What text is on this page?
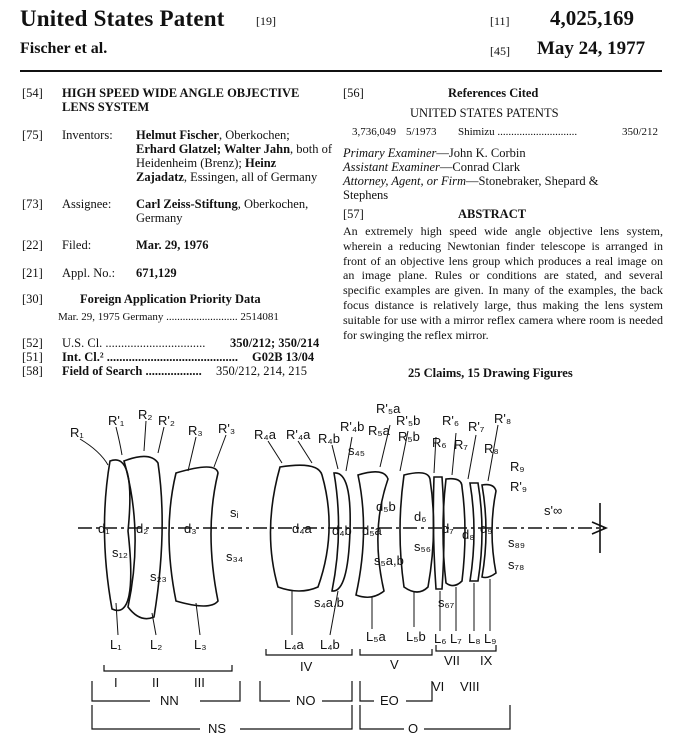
United States Patent	[19]
Fischer et al.
[11] 4,025,169
[45] May 24, 1977
[54] HIGH SPEED WIDE ANGLE OBJECTIVE
LENS SYSTEM
[75] Inventors: Helmut Fischer, Oberkochen;
Erhard Glatzel; Walter Jahn, both of
Heidenheim (Brenz); Heinz
Zajadatz, Essingen, all of Germany
[73] Assignee: Carl Zeiss-Stiftung, Oberkochen,
Germany
[22] Filed:	Mar. 29, 1976
[21] Appl. No.: 671,129
[30]	Foreign Application Priority Data
Mar. 29, 1975 Germany .......................... 2514081
[52] U.S. Cl. ................................ 350/212; 350/214
[51] Int. Cl.² .......................................... G02B 13/04
[58] Field of Search .................. 350/212, 214, 215
[56]	References Cited
UNITED STATES PATENTS
3,736,049 5/1973 Shimizu .............................	350/212
Primary Examiner—John K. Corbin
Assistant Examiner—Conrad Clark
Attorney, Agent, or Firm—Stonebraker, Shepard &
Stephens
[57]	ABSTRACT
An extremely high speed wide angle objective lens system, wherein a reducing Newtonian finder telescope is arranged in front of an objective lens group which produces a real image on an image plane. Rules or conditions are stated, and several specific examples are given. In many of the examples, the back focus distance is relatively large, thus making the lens system suitable for use with a mirror reflex camera where room is needed for swinging the reflex mirror.
25 Claims, 15 Drawing Figures
R₁
R'₁ R₂ R'₂
R₃ R'₃ R₄a R'₄a R₄b
R'₄b
R'₅a
R₅a
R'₅b
R₅b
R'₆
R₆
R'₇
R₇
R'₈
R₈
R₉
R'₉
d₁ d₂	d₃	d₄a d₄b d₅a
d₅b
d₆
d₇ d₈ d₉
s₁₂
s₂₃
sᵢ
s₃₄
s₄₅
s₄a,b
s₅a,b
s₅₆
s₆₇
s₈₉
s₇₈
s'∞
L₁ L₂ L₃	L₄a L₄b
L₅a L₅b L₆ L₇ L₈ L₉
I	II	III
IV	V
VI
VII
VIII
IX
NN	NO	EO
NS	O
